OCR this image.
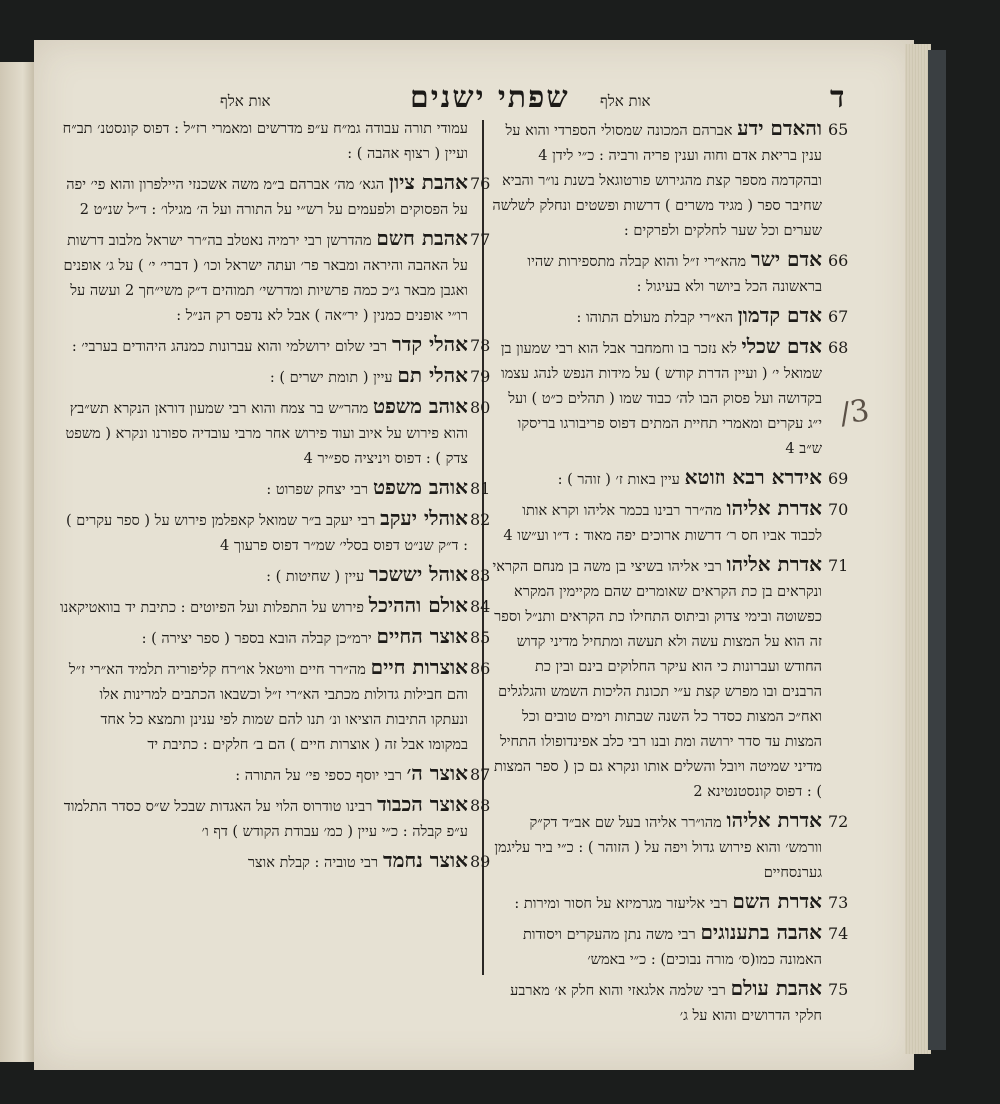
אות אלף	שפתי ישנים אות אלף	ד
65
והאדם ידע אברהם המכונה שמסולי הספרדי והוא על ענין בריאת אדם וחוה וענין פריה ורביה : כ״י לידן 4 ובהקדמה מספר קצת מהגירוש פורטוגאל בשנת נו״ר והביא שחיבר ספר ( מגיד משרים ) דרשות ופשטים ונחלק לשלשה שערים וכל שער לחלקים ולפרקים :
66
אדם ישר מהא״רי ז״ל והוא קבלה מתספירות שהיו בראשונה הכל ביושר ולא בעיגול :
67
אדם קדמון הא״רי קבלת מעולם התוהו :
68
אדם שכלי לא נזכר בו וחמחבר אבל הוא רבי שמעון בן שמואל י׳ ( ועיין הדרת קודש ) על מידות הנפש לנהג עצמו בקדושה ועל פסוק הבו לה׳ כבוד שמו ( תהלים כ״ט ) ועל י״ג עקרים ומאמרי תחיית המתים דפוס פריבורגו בריסקו ש״ב 4
69
אידרא רבא וזוטא עיין באות ז׳ ( זוהר ) :
70
אדרת אליהו מה״רר רבינו בכמר אליהו וקרא אותו לכבוד אביו חס ר׳ דרשות ארוכים יפה מאוד : ד״ו וע״שו 4
71
אדרת אליהו רבי אליהו בשיצי בן משה בן מנחם הקראי ונקראים בן כת הקראים שאומרים שהם מקיימין המקרא כפשוטה ובימי צדוק וביתוס התחילו כת הקראים ותנ״ל וספר זה הוא על המצות עשה ולא תעשה ומתחיל מדיני קדוש החודש ועברונות כי הוא עיקר החלוקים בינם ובין כת הרבנים ובו מפרש קצת ע״י תכונת הליכות השמש והגלגלים ואח״כ המצות כסדר כל השנה שבתות וימים טובים וכל המצות עד סדר ירושה ומת ובנו רבי כלב אפינדופולו התחיל מדיני שמיטה ויובל והשלים אותו ונקרא גם כן ( ספר המצות ) : דפוס קונסטנטינא 2
72
אדרת אליהו מהו״רר אליהו בעל שם אב״ד דק״ק וורמש׳ והוא פירוש גדול ויפה על ( הזוהר ) : כ״י ביר עליגמן גערנסחיים
73
אדרת השם רבי אליעזר מגרמיזא על חסור ומירות :
74
אהבה בתענוגים רבי משה נתן מהעקרים ויסודות האמונה כמו(ס׳ מורה נבוכים) : כ״י באמש׳
75
אהבת עולם רבי שלמה אלגאזי והוא חלק א׳ מארבע חלקי הדרושים והוא על ג׳
עמודי תורה עבודה גמ״ח ע״פ מדרשים ומאמרי רז״ל : דפוס קונסטנ׳ תב״ח ועיין ( רצוף אהבה ) :
76
אהבת ציון הגא׳ מה׳ אברהם ב״מ משה אשכנזי היילפרון והוא פי׳ יפה על הפסוקים ולפעמים על רש״י על התורה ועל ה׳ מגילו׳ : ד״ל שנ״ט 2
77
אהבת חשם מהדרשן רבי ירמיה נאטלב בה״רר ישראל מלבוב דרשות על האהבה והיראה ומבאר פר׳ ועתה ישראל וכו׳ ( דברי׳ י׳ ) על ג׳ אופנים ואגבן מבאר ג״כ כמה פרשיות ומדרשי׳ תמוהים ד״ק משי״חך 2 ועשה על רו״י אופנים כמנין ( יר״אה ) אבל לא נדפס רק הנ״ל :
78
אהלי קדר רבי שלום ירושלמי והוא עברונות כמנהג היהודים בערבי׳ :
79
אהלי תם עיין ( תומת ישרים ) :
80
אוהב משפט מהר״ש בר צמח והוא רבי שמעון דוראן הנקרא תש״בץ והוא פירוש על איוב ועוד פירוש אחר מרבי עובדיה ספורנו ונקרא ( משפט צדק ) : דפוס ויניציה ספ״יר 4
81
אוהב משפט רבי יצחק שפרוט :
82
אוהלי יעקב רבי יעקב ב״ר שמואל קאפלמן פירוש על ( ספר עקרים ) : ד״ק שנ״ט דפוס בסלי׳ שמ״ר דפוס פרעוך 4
83
אוהל יששכר עיין ( שחיטות ) :
84
אולם וההיכל פירוש על התפלות ועל הפיוטים : כתיבת יד בוואטיקאנו
85
אוצר החיים ירמ״כן קבלה הובא בספר ( ספר יצירה ) :
86
אוצרות חיים מה״רר חיים וויטאל או״רח קליפוריה תלמיד הא״רי ז״ל והם חבילות גדולות מכתבי הא״רי ז״ל וכשבאו הכתבים למרינות אלו ונעתקו התיבות הוציאו ונ׳ תנו להם שמות לפי ענינן ותמצא כל אחד במקומו אבל זה ( אוצרות חיים ) הם ב׳ חלקים : כתיבת יד
87
אוצר ה׳ רבי יוסף כספי פי׳ על התורה :
88
אוצר הכבוד רבינו טודרוס הלוי על האגדות שבכל ש״ס כסדר התלמוד ע״פ קבלה : כ״י עיין ( כמ׳ עבודת הקודש ) דף ו׳
89
אוצר נחמד רבי טוביה : קבלת אוצר
/3
